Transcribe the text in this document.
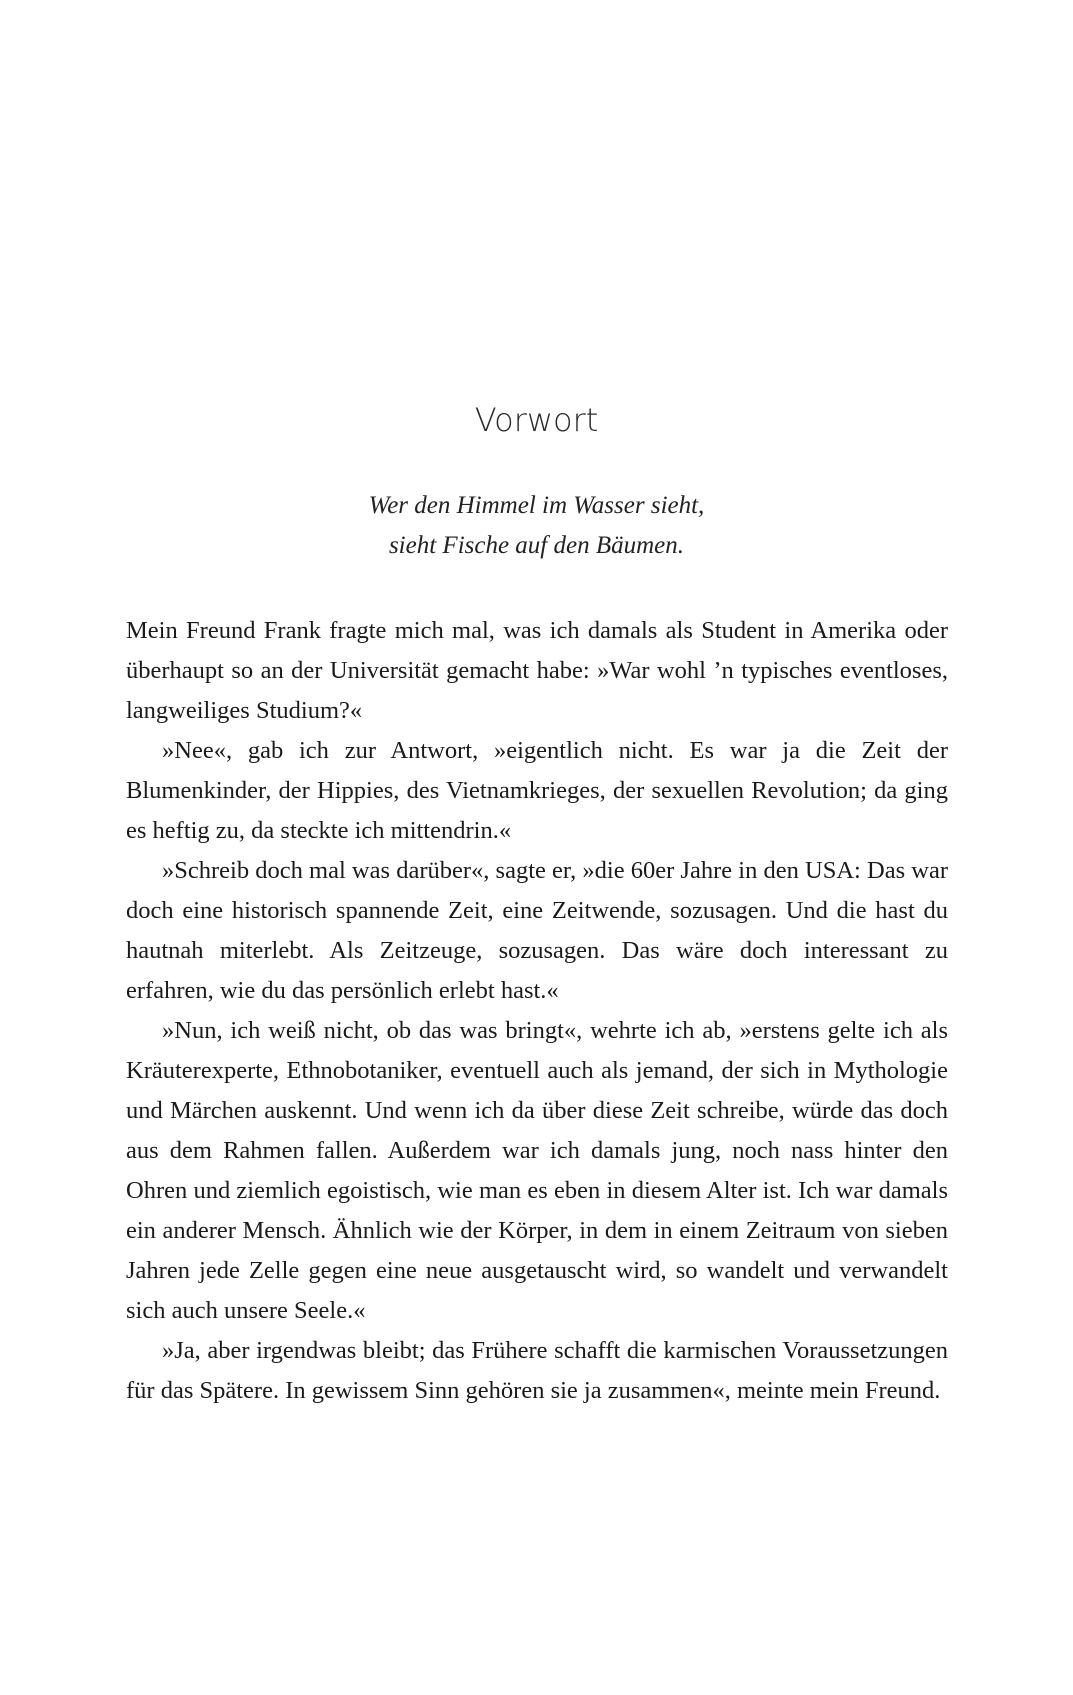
Vorwort
Wer den Himmel im Wasser sieht,
sieht Fische auf den Bäumen.

Mein Freund Frank fragte mich mal, was ich damals als Student in Amerika oder überhaupt so an der Universität gemacht habe: »War wohl ’n typisches eventloses, langweiliges Studium?«

»Nee«, gab ich zur Antwort, »eigentlich nicht. Es war ja die Zeit der Blumenkinder, der Hippies, des Vietnamkrieges, der sexuellen Revolution; da ging es heftig zu, da steckte ich mittendrin.«

»Schreib doch mal was darüber«, sagte er, »die 60er Jahre in den USA: Das war doch eine historisch spannende Zeit, eine Zeitwende, sozusagen. Und die hast du hautnah miterlebt. Als Zeitzeuge, sozusagen. Das wäre doch interessant zu erfahren, wie du das persönlich erlebt hast.«

»Nun, ich weiß nicht, ob das was bringt«, wehrte ich ab, »erstens gelte ich als Kräuterexperte, Ethnobotaniker, eventuell auch als jemand, der sich in Mythologie und Märchen auskennt. Und wenn ich da über diese Zeit schreibe, würde das doch aus dem Rahmen fallen. Außerdem war ich damals jung, noch nass hinter den Ohren und ziemlich egoistisch, wie man es eben in diesem Alter ist. Ich war damals ein anderer Mensch. Ähnlich wie der Körper, in dem in einem Zeitraum von sieben Jahren jede Zelle gegen eine neue ausgetauscht wird, so wandelt und verwandelt sich auch unsere Seele.«

»Ja, aber irgendwas bleibt; das Frühere schafft die karmischen Voraussetzungen für das Spätere. In gewissem Sinn gehören sie ja zusammen«, meinte mein Freund.
